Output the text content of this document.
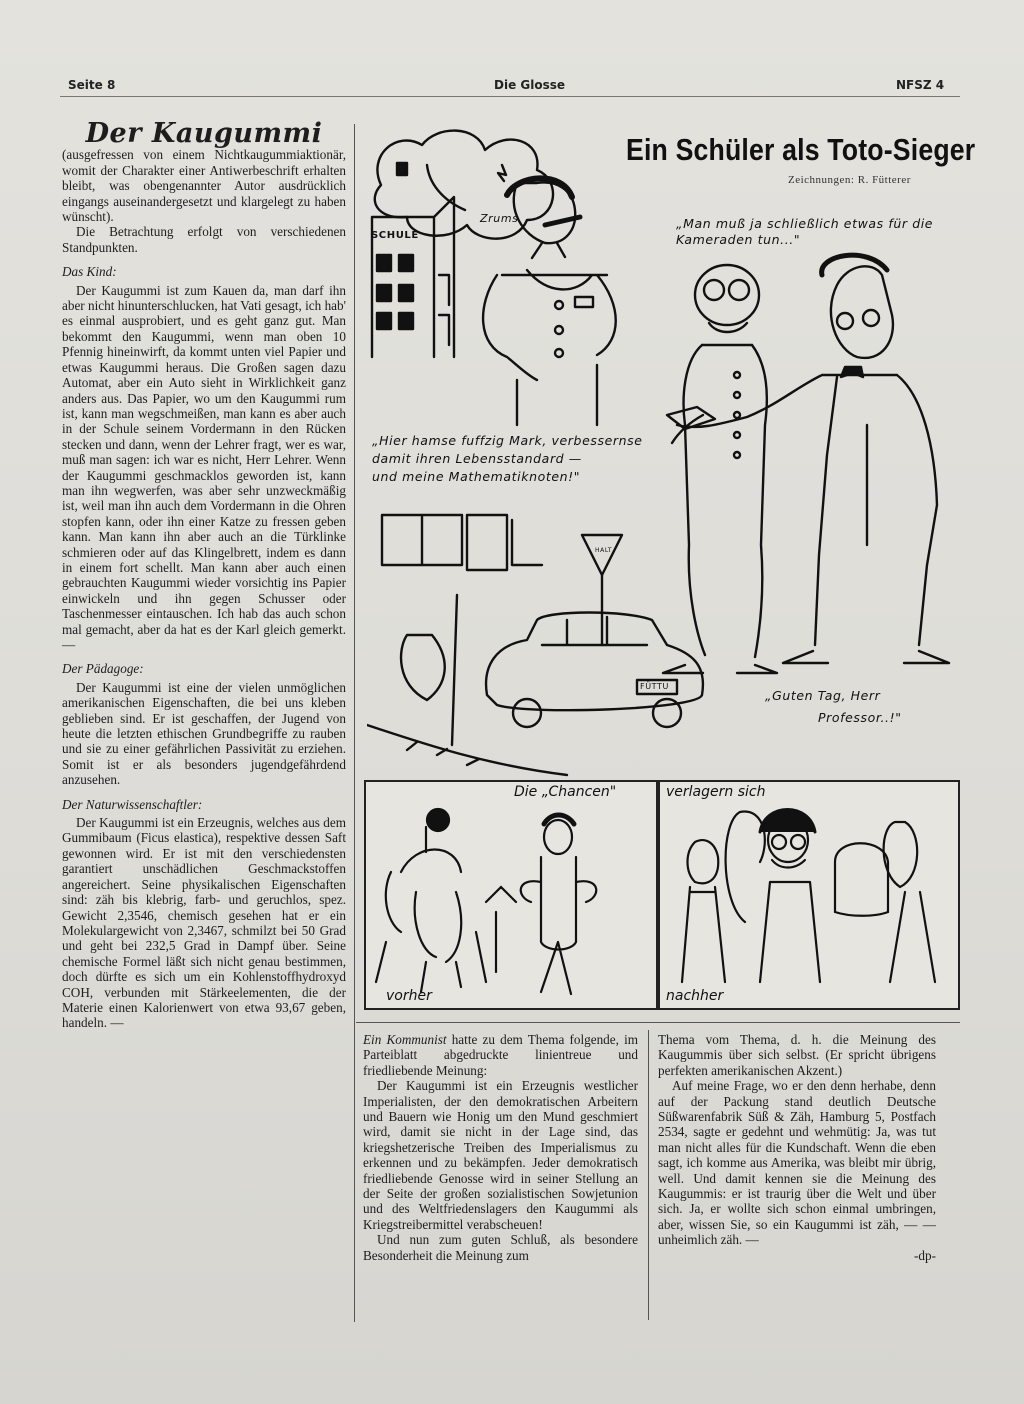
Seite 8	Die Glosse	NFSZ 4
Der Kaugummi

(ausgefressen von einem Nichtkaugummiaktionär, womit der Charakter einer Antiwerbeschrift erhalten bleibt, was obengenannter Autor ausdrücklich eingangs auseinandergesetzt und klargelegt zu haben wünscht).

Die Betrachtung erfolgt von verschiedenen Standpunkten.

Das Kind:

Der Kaugummi ist zum Kauen da, man darf ihn aber nicht hinunterschlucken, hat Vati gesagt, ich hab' es einmal ausprobiert, und es geht ganz gut. Man bekommt den Kaugummi, wenn man oben 10 Pfennig hineinwirft, da kommt unten viel Papier und etwas Kaugummi heraus. Die Großen sagen dazu Automat, aber ein Auto sieht in Wirklichkeit ganz anders aus. Das Papier, wo um den Kaugummi rum ist, kann man wegschmeißen, man kann es aber auch in der Schule seinem Vordermann in den Rücken stecken und dann, wenn der Lehrer fragt, wer es war, muß man sagen: ich war es nicht, Herr Lehrer. Wenn der Kaugummi geschmacklos geworden ist, kann man ihn wegwerfen, was aber sehr unzweckmäßig ist, weil man ihn auch dem Vordermann in die Ohren stopfen kann, oder ihn einer Katze zu fressen geben kann. Man kann ihn aber auch an die Türklinke schmieren oder auf das Klingelbrett, indem es dann in einem fort schellt. Man kann aber auch einen gebrauchten Kaugummi wieder vorsichtig ins Papier einwickeln und ihn gegen Schusser oder Taschenmesser eintauschen. Ich hab das auch schon mal gemacht, aber da hat es der Karl gleich gemerkt. —

Der Pädagoge:

Der Kaugummi ist eine der vielen unmöglichen amerikanischen Eigenschaften, die bei uns kleben geblieben sind. Er ist geschaffen, der Jugend von heute die letzten ethischen Grundbegriffe zu rauben und sie zu einer gefährlichen Passivität zu erziehen. Somit ist er als besonders jugendgefährdend anzusehen.

Der Naturwissenschaftler:

Der Kaugummi ist ein Erzeugnis, welches aus dem Gummibaum (Ficus elastica), respektive dessen Saft gewonnen wird. Er ist mit den verschiedensten garantiert unschädlichen Geschmackstoffen angereichert. Seine physikalischen Eigenschaften sind: zäh bis klebrig, farb- und geruchlos, spez. Gewicht 2,3546, chemisch gesehen hat er ein Molekulargewicht von 2,3467, schmilzt bei 50 Grad und geht bei 232,5 Grad in Dampf über. Seine chemische Formel läßt sich nicht genau bestimmen, doch dürfte es sich um ein Kohlenstoffhydroxyd COH, verbunden mit Stärkeelementen, die der Materie einen Kalorienwert von etwa 93,67 geben, handeln. —

Ein Schüler als Toto-Sieger
Zeichnungen: R. Fütterer
„Man muß ja schließlich etwas für die
Kameraden tun..."
„Hier hamse fuffzig Mark, verbessernse
damit ihren Lebensstandard —
und meine Mathematiknoten!"
„Guten Tag, Herr
Professor..!"
SCHULE
Zrums
HALT
FÜTTU
Die „Chancen"	verlagern sich
vorher	nachher

Ein Kommunist hatte zu dem Thema folgende, im Parteiblatt abgedruckte linientreue und friedliebende Meinung:

Der Kaugummi ist ein Erzeugnis westlicher Imperialisten, der den demokratischen Arbeitern und Bauern wie Honig um den Mund geschmiert wird, damit sie nicht in der Lage sind, das kriegshetzerische Treiben des Imperialismus zu erkennen und zu bekämpfen. Jeder demokratisch friedliebende Genosse wird in seiner Stellung an der Seite der großen sozialistischen Sowjetunion und des Weltfriedenslagers den Kaugummi als Kriegstreibermittel verabscheuen!

Und nun zum guten Schluß, als besondere Besonderheit die Meinung zum

Thema vom Thema, d. h. die Meinung des Kaugummis über sich selbst. (Er spricht übrigens perfekten amerikanischen Akzent.)

Auf meine Frage, wo er den denn herhabe, denn auf der Packung stand deutlich Deutsche Süßwarenfabrik Süß & Zäh, Hamburg 5, Postfach 2534, sagte er gedehnt und wehmütig: Ja, was tut man nicht alles für die Kundschaft. Wenn die eben sagt, ich komme aus Amerika, was bleibt mir übrig, well. Und damit kennen sie die Meinung des Kaugummis: er ist traurig über die Welt und über sich. Ja, er wollte sich schon einmal umbringen, aber, wissen Sie, so ein Kaugummi ist zäh, — — unheimlich zäh. —

-dp-
